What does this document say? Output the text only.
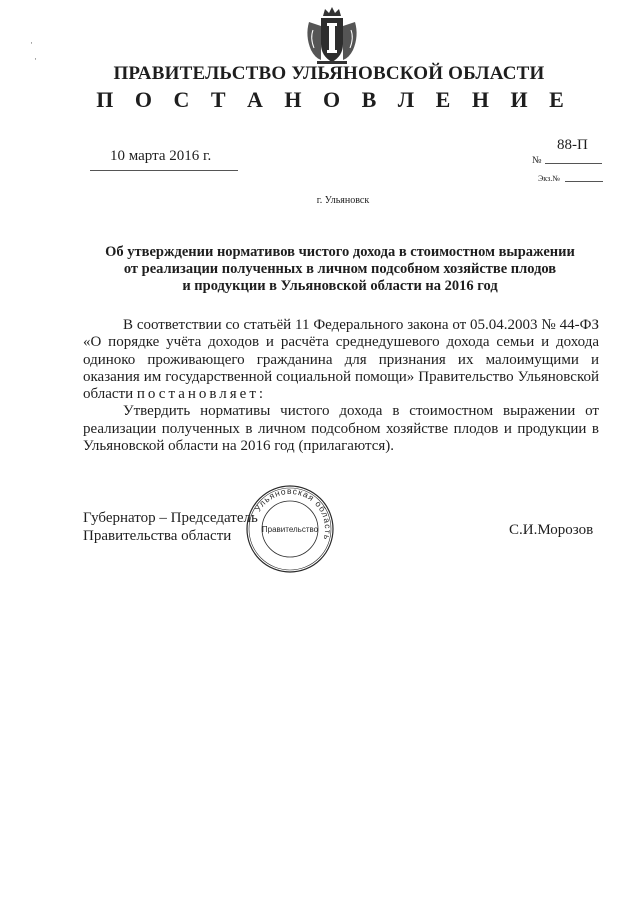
ПРАВИТЕЛЬСТВО УЛЬЯНОВСКОЙ ОБЛАСТИ
П О С Т А Н О В Л Е Н И Е
10 марта 2016 г.
88-П
№
Экз.№
г. Ульяновск
Об утверждении нормативов чистого дохода в стоимостном выражении
от реализации полученных в личном подсобном хозяйстве плодов
и продукции в Ульяновской области на 2016 год

В соответствии со статьёй 11 Федерального закона от 05.04.2003 № 44-ФЗ «О порядке учёта доходов и расчёта среднедушевого дохода семьи и дохода одиноко проживающего гражданина для признания их малоимущими и оказания им государственной социальной помощи» Правительство Ульяновской области постановляет:

Утвердить нормативы чистого дохода в стоимостном выражении от реализации полученных в личном подсобном хозяйстве плодов и продукции в Ульяновской области на 2016 год (прилагаются).

Губернатор – Председатель
Правительства области
Ульяновская область
Правительство	С.И.Морозов
·
·
